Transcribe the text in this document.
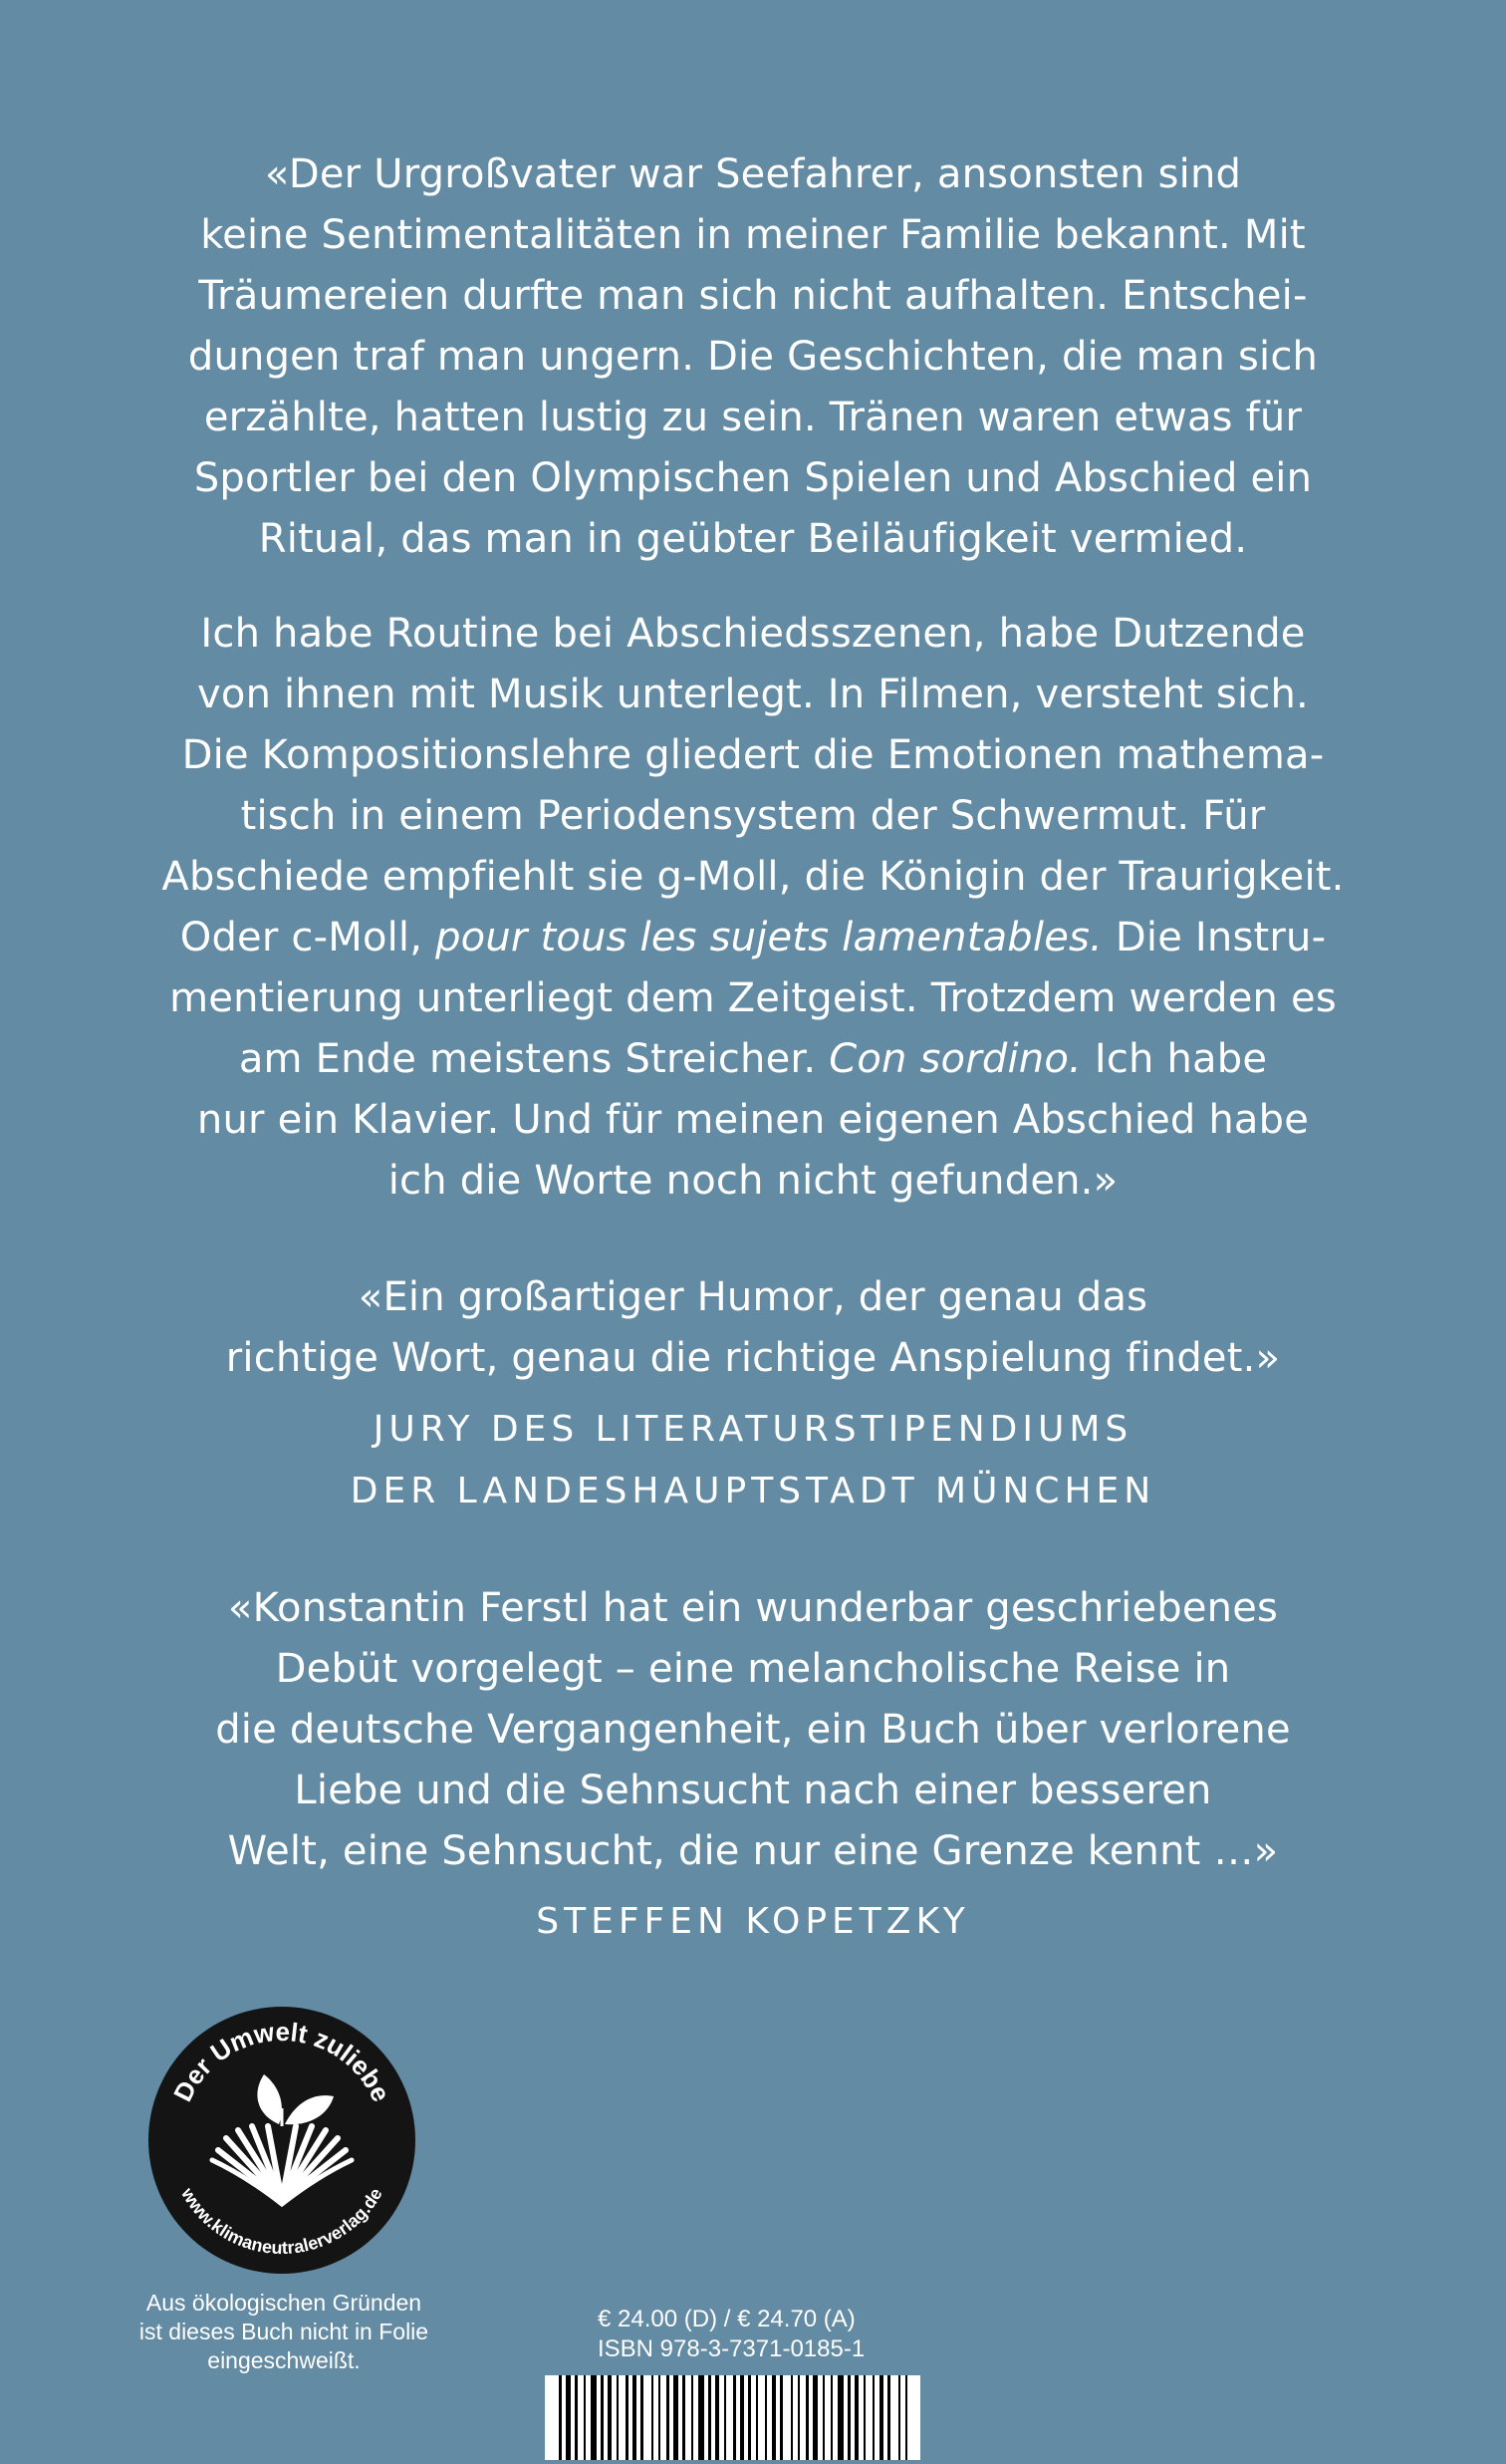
«Der Urgroßvater war Seefahrer, ansonsten sind
keine Sentimentalitäten in meiner Familie bekannt. Mit
Träumereien durfte man sich nicht aufhalten. Entschei-
dungen traf man ungern. Die Geschichten, die man sich
erzählte, hatten lustig zu sein. Tränen waren etwas für
Sportler bei den Olympischen Spielen und Abschied ein
Ritual, das man in geübter Beiläufigkeit vermied.
Ich habe Routine bei Abschiedsszenen, habe Dutzende
von ihnen mit Musik unterlegt. In Filmen, versteht sich.
Die Kompositionslehre gliedert die Emotionen mathema-
tisch in einem Periodensystem der Schwermut. Für
Abschiede empfiehlt sie g-Moll, die Königin der Traurigkeit.
Oder c-Moll, pour tous les sujets lamentables. Die Instru-
mentierung unterliegt dem Zeitgeist. Trotzdem werden es
am Ende meistens Streicher. Con sordino. Ich habe
nur ein Klavier. Und für meinen eigenen Abschied habe
ich die Worte noch nicht gefunden.»
«Ein großartiger Humor, der genau das
richtige Wort, genau die richtige Anspielung findet.»
JURY DES LITERATURSTIPENDIUMS
DER LANDESHAUPTSTADT MÜNCHEN
«Konstantin Ferstl hat ein wunderbar geschriebenes
Debüt vorgelegt – eine melancholische Reise in
die deutsche Vergangenheit, ein Buch über verlorene
Liebe und die Sehnsucht nach einer besseren
Welt, eine Sehnsucht, die nur eine Grenze kennt …»
STEFFEN KOPETZKY
Der Umwelt zuliebe
www.klimaneutralerverlag.de
Aus ökologischen Gründen
ist dieses Buch nicht in Folie
eingeschweißt.
€ 24.00 (D) / € 24.70 (A)
ISBN 978-3-7371-0185-1
